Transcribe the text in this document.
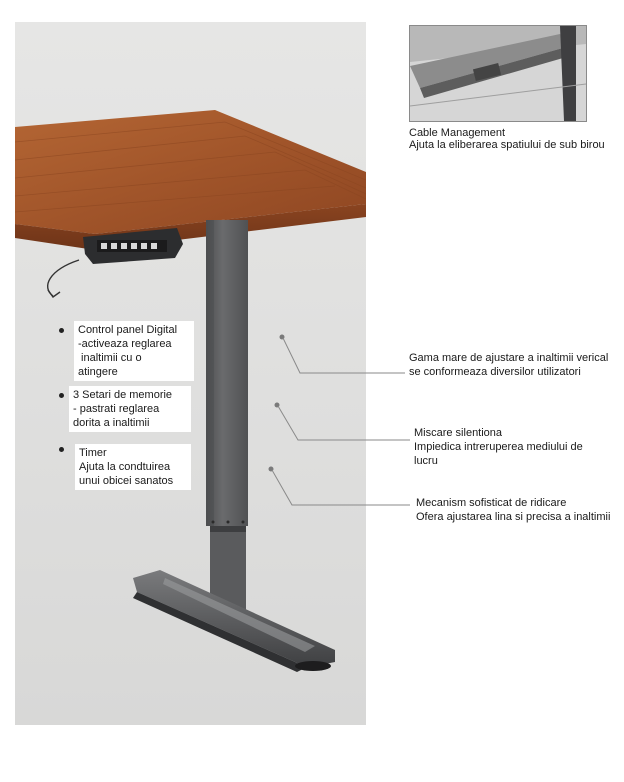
Cable Management
Ajuta la eliberarea spatiului de sub birou
Control panel Digital
-activeaza reglarea
inaltimii cu o
atingere
3 Setari de memorie
- pastrati reglarea
dorita a inaltimii
Timer
Ajuta la condtuirea
unui obicei sanatos
Gama mare de ajustare a inaltimii verical
se conformeaza diversilor utilizatori
Miscare silentiona
Impiedica intreruperea mediului de
lucru
Mecanism sofisticat de ridicare
Ofera ajustarea lina si precisa a inaltimii
